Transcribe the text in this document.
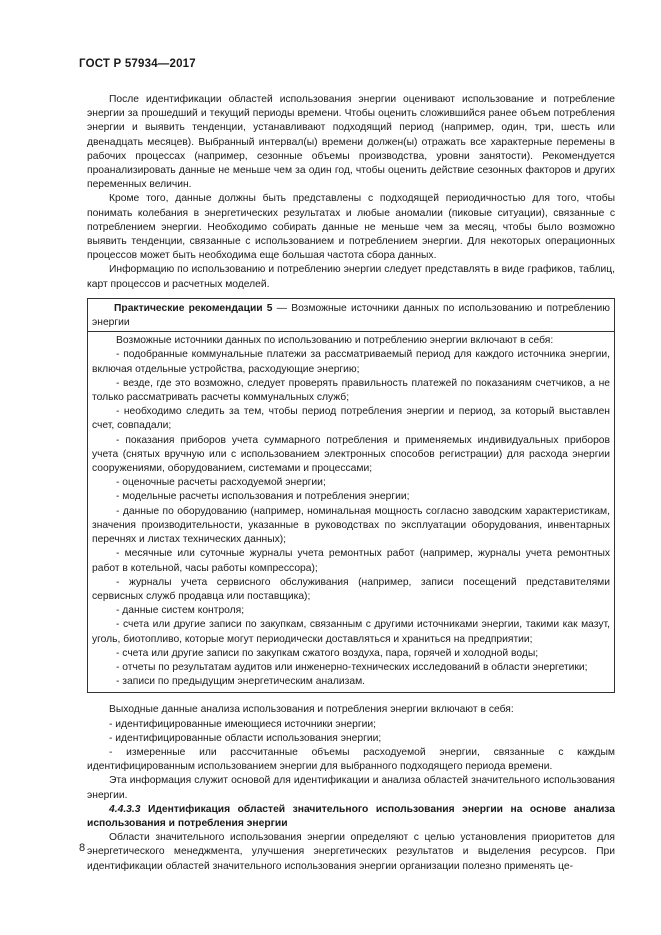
ГОСТ Р 57934—2017

После идентификации областей использования энергии оценивают использование и потребление энергии за прошедший и текущий периоды времени. Чтобы оценить сложившийся ранее объем потребления энергии и выявить тенденции, устанавливают подходящий период (например, один, три, шесть или двенадцать месяцев). Выбранный интервал(ы) времени должен(ы) отражать все характерные перемены в рабочих процессах (например, сезонные объемы производства, уровни занятости). Рекомендуется проанализировать данные не меньше чем за один год, чтобы оценить действие сезонных факторов и других переменных величин.

Кроме того, данные должны быть представлены с подходящей периодичностью для того, чтобы понимать колебания в энергетических результатах и любые аномалии (пиковые ситуации), связанные с потреблением энергии. Необходимо собирать данные не меньше чем за месяц, чтобы было возможно выявить тенденции, связанные с использованием и потреблением энергии. Для некоторых операционных процессов может быть необходима еще большая частота сбора данных.

Информацию по использованию и потреблению энергии следует представлять в виде графиков, таблиц, карт процессов и расчетных моделей.

Практические рекомендации 5 — Возможные источники данных по использованию и потреблению энергии

Возможные источники данных по использованию и потреблению энергии включают в себя:

- подобранные коммунальные платежи за рассматриваемый период для каждого источника энергии, включая отдельные устройства, расходующие энергию;

- везде, где это возможно, следует проверять правильность платежей по показаниям счетчиков, а не только рассматривать расчеты коммунальных служб;

- необходимо следить за тем, чтобы период потребления энергии и период, за который выставлен счет, совпадали;

- показания приборов учета суммарного потребления и применяемых индивидуальных приборов учета (снятых вручную или с использованием электронных способов регистрации) для расхода энергии сооружениями, оборудованием, системами и процессами;

- оценочные расчеты расходуемой энергии;

- модельные расчеты использования и потребления энергии;

- данные по оборудованию (например, номинальная мощность согласно заводским характеристикам, значения производительности, указанные в руководствах по эксплуатации оборудования, инвентарных перечнях и листах технических данных);

- месячные или суточные журналы учета ремонтных работ (например, журналы учета ремонтных работ в котельной, часы работы компрессора);

- журналы учета сервисного обслуживания (например, записи посещений представителями сервисных служб продавца или поставщика);

- данные систем контроля;

- счета или другие записи по закупкам, связанным с другими источниками энергии, такими как мазут, уголь, биотопливо, которые могут периодически доставляться и храниться на предприятии;

- счета или другие записи по закупкам сжатого воздуха, пара, горячей и холодной воды;

- отчеты по результатам аудитов или инженерно-технических исследований в области энергетики;

- записи по предыдущим энергетическим анализам.

Выходные данные анализа использования и потребления энергии включают в себя:

- идентифицированные имеющиеся источники энергии;

- идентифицированные области использования энергии;

- измеренные или рассчитанные объемы расходуемой энергии, связанные с каждым идентифицированным использованием энергии для выбранного подходящего периода времени.

Эта информация служит основой для идентификации и анализа областей значительного использования энергии.

4.4.3.3 Идентификация областей значительного использования энергии на основе анализа использования и потребления энергии

Области значительного использования энергии определяют с целью установления приоритетов для энергетического менеджмента, улучшения энергетических результатов и выделения ресурсов. При идентификации областей значительного использования энергии организации полезно применять це-

8
